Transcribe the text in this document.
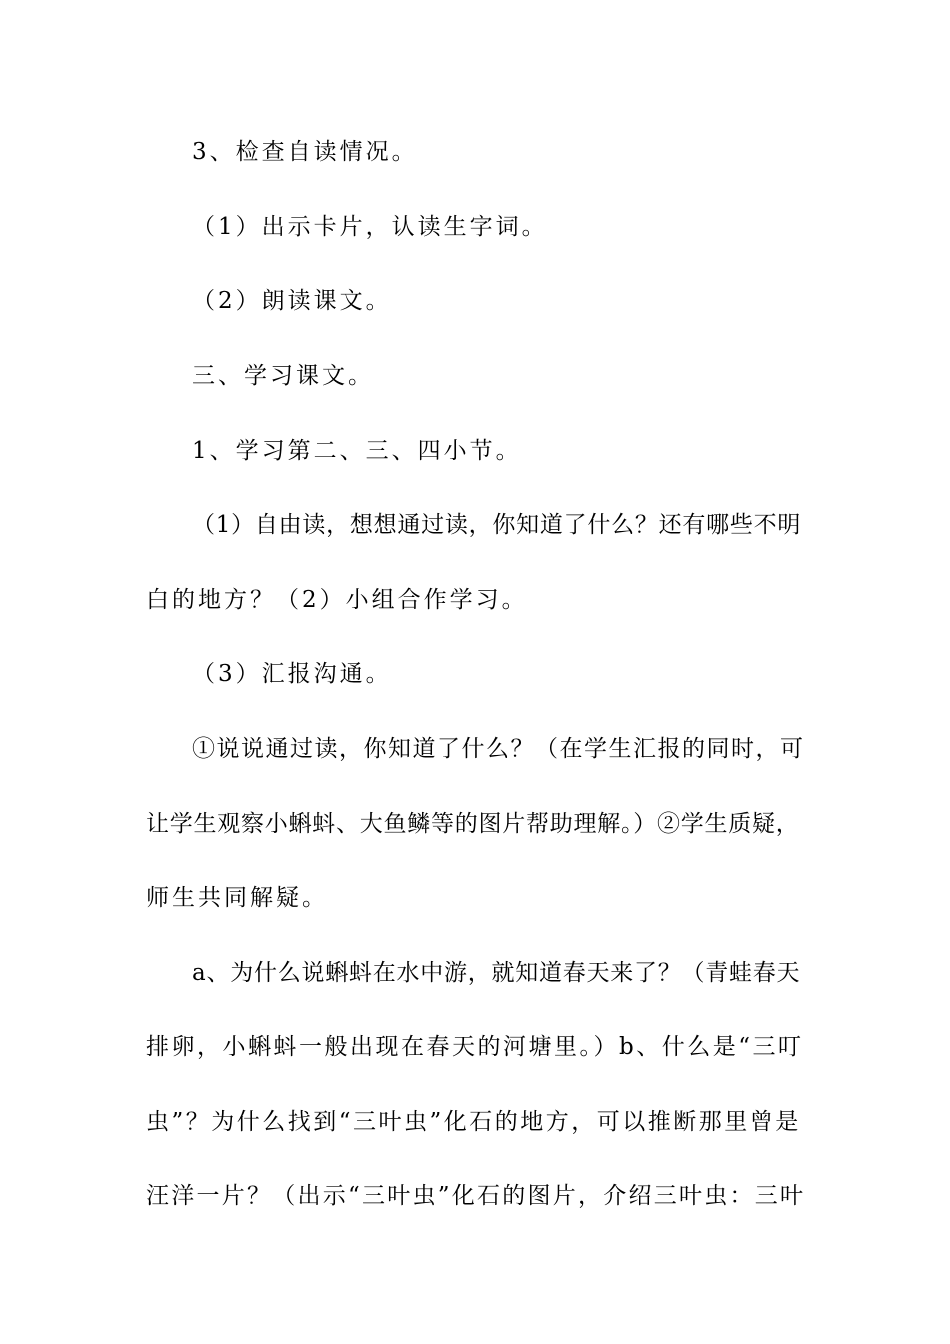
3、检查自读情况。
（1）出示卡片，认读生字词。
（2）朗读课文。
三、学习课文。
1、学习第二、三、四小节。
（1）自由读，想想通过读，你知道了什么？还有哪些不明
白的地方？（2）小组合作学习。
（3）汇报沟通。
①说说通过读，你知道了什么？（在学生汇报的同时，可
让学生观察小蝌蚪、大鱼鳞等的图片帮助理解。）②学生质疑，
师生共同解疑。
a、为什么说蝌蚪在水中游，就知道春天来了？（青蛙春天
排卵，小蝌蚪一般出现在春天的河塘里。）b、什么是“三叮
虫”？为什么找到“三叶虫”化石的地方，可以推断那里曾是
汪洋一片？（出示“三叶虫”化石的图片，介绍三叶虫：三叶
